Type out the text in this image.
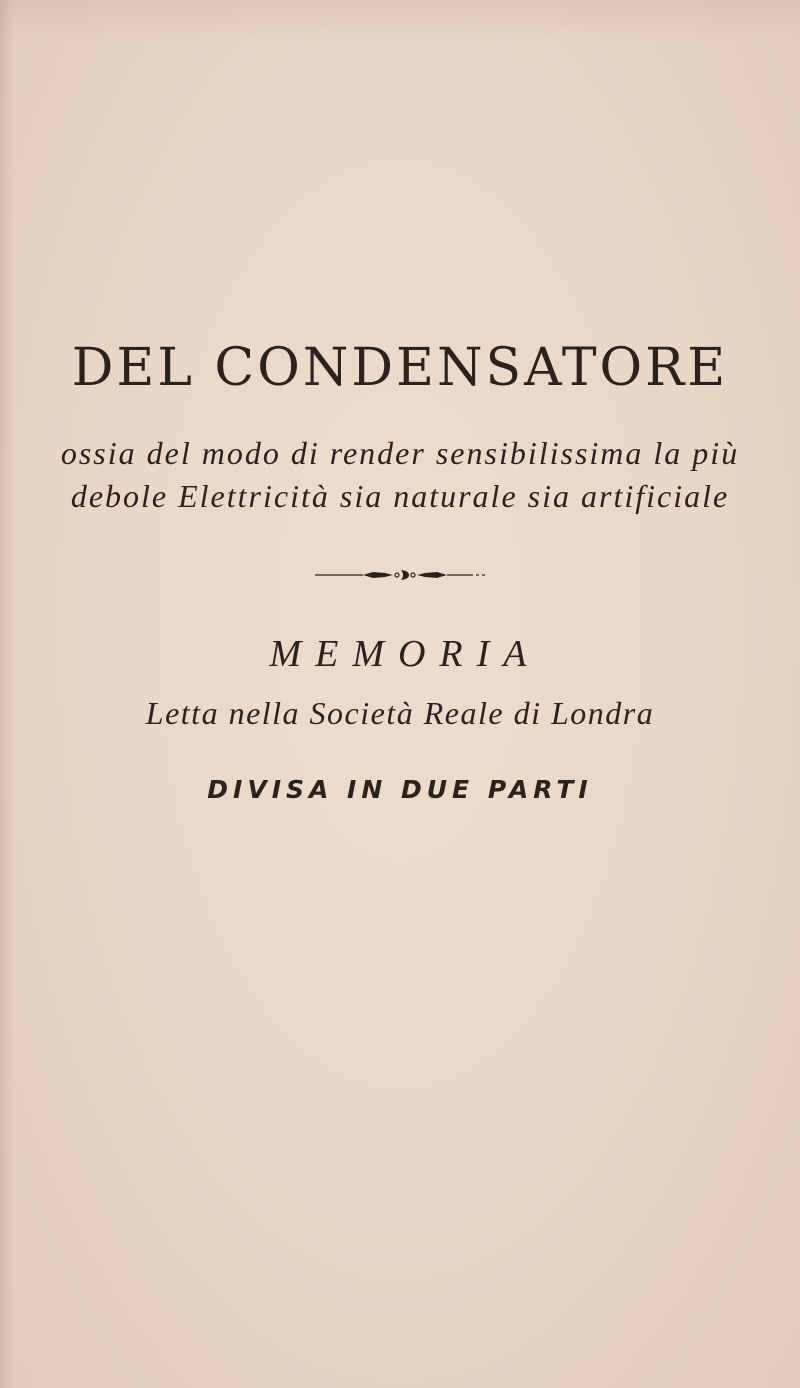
DEL CONDENSATORE

ossia del modo di render sensibilissima la più

debole Elettricità sia naturale sia artificiale

MEMORIA

Letta nella Società Reale di Londra

DIVISA IN DUE PARTI
